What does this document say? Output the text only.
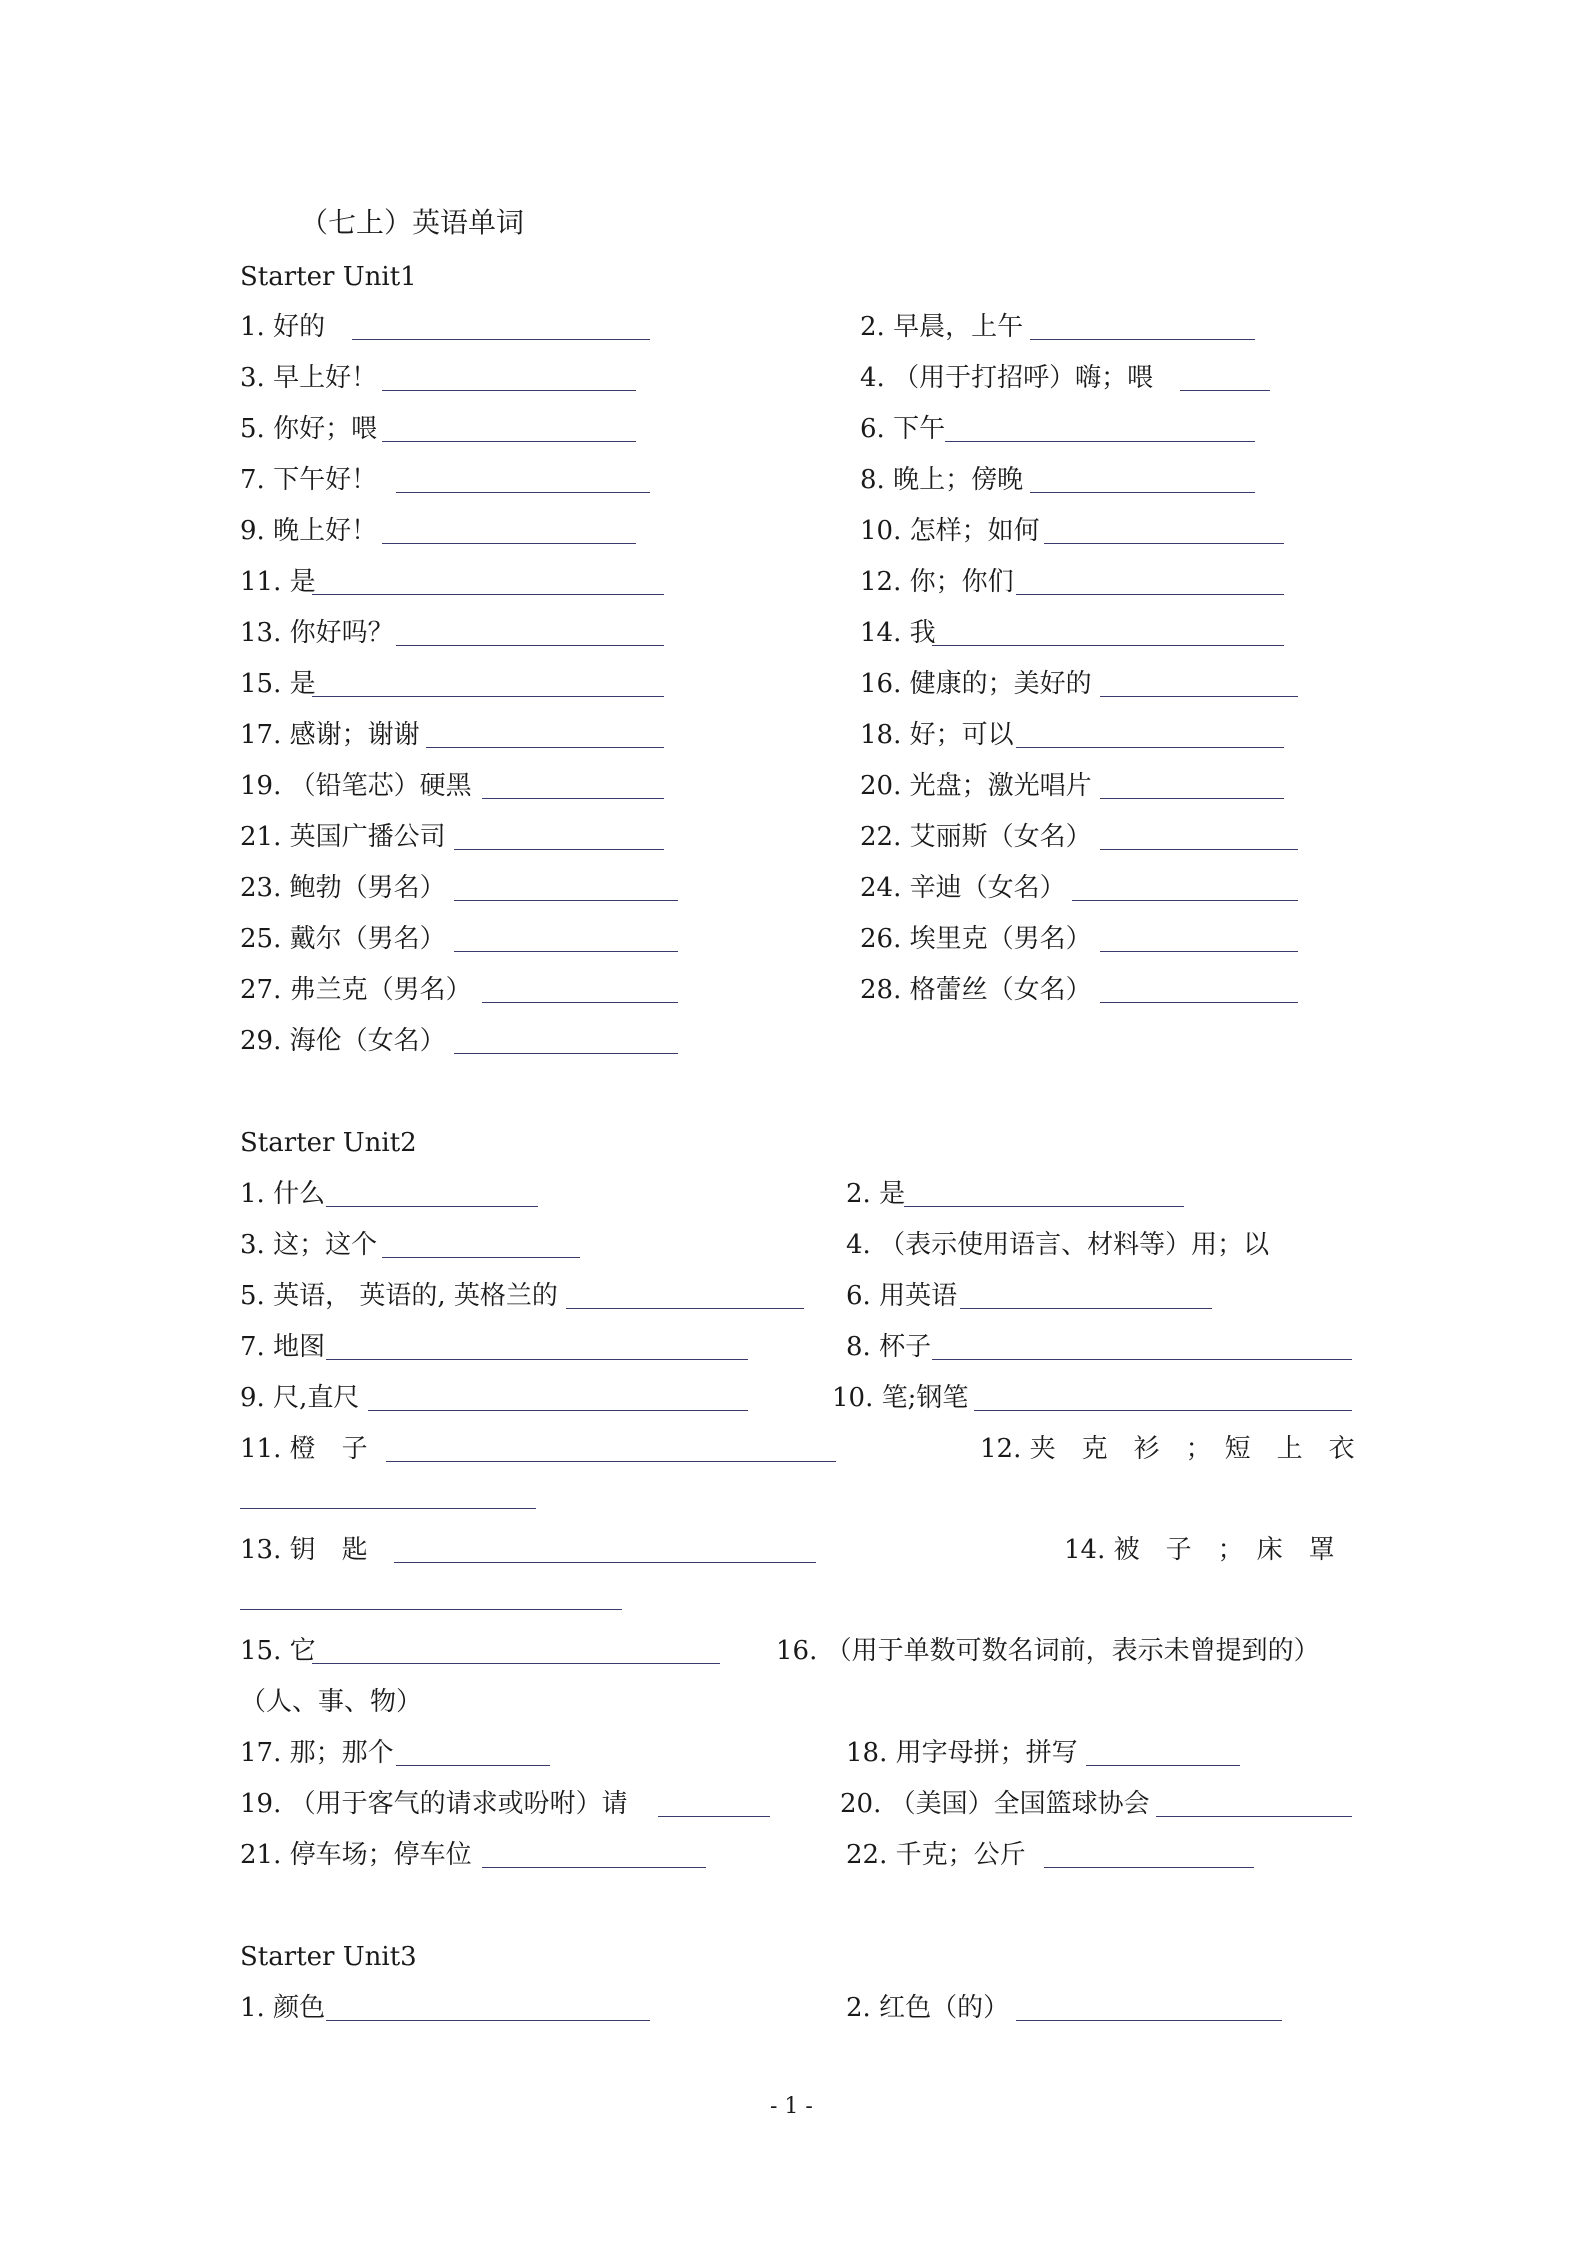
（七上）英语单词
Starter Unit1
1. 好的	2. 早晨，上午
3. 早上好！	4. （用于打招呼）嗨；喂
5. 你好；喂	6. 下午
7. 下午好！	8. 晚上；傍晚
9. 晚上好！	10. 怎样；如何
11. 是	12. 你；你们
13. 你好吗？	14. 我
15. 是	16. 健康的；美好的
17. 感谢；谢谢	18. 好；可以
19. （铅笔芯）硬黑	20. 光盘；激光唱片
21. 英国广播公司	22. 艾丽斯（女名）
23. 鲍勃（男名）	24. 辛迪（女名）
25. 戴尔（男名）	26. 埃里克（男名）
27. 弗兰克（男名）	28. 格蕾丝（女名）
29. 海伦（女名）
Starter Unit2
1. 什么	2. 是
3. 这；这个	4. （表示使用语言、材料等）用；以
5. 英语， 英语的, 英格兰的	6. 用英语
7. 地图	8. 杯子
9. 尺,直尺	10. 笔;钢笔
11. 橙　子	12. 夹　克　衫　；　短　上　衣
13. 钥　匙	14. 被　子　；　床　罩
15. 它	16. （用于单数可数名词前，表示未曾提到的）
（人、事、物）
17. 那；那个	18. 用字母拼；拼写
19. （用于客气的请求或吩咐）请	20. （美国）全国篮球协会
21. 停车场；停车位	22. 千克；公斤
Starter Unit3
1. 颜色	2. 红色（的）
- 1 -
